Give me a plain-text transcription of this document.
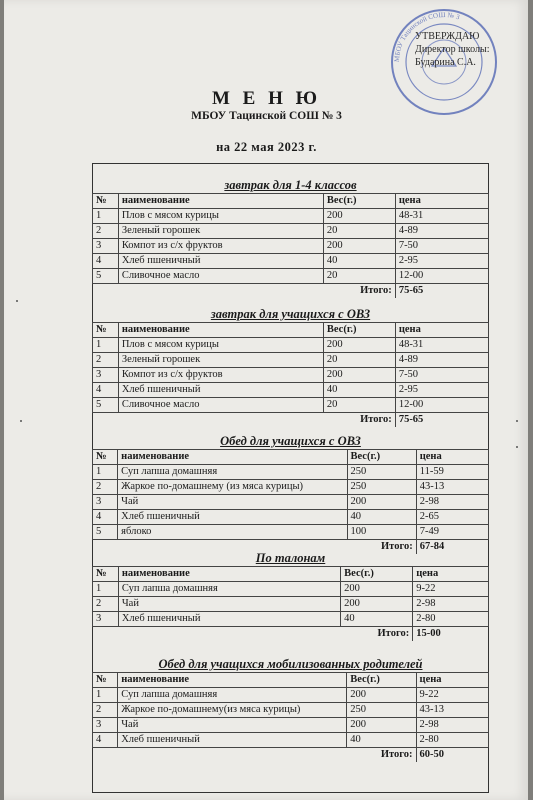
МБОУ Тацинской СОШ № 3
УТВЕРЖДАЮ
Директор школы:
Бударина С.А.
М Е Н Ю
МБОУ Тацинской СОШ № 3
на 22 мая 2023 г.
завтрак для 1-4 классов
№	наименование	Вес(г.)	цена
1	Плов с мясом курицы	200	48-31
2	Зеленый горошек	20	4-89
3	Компот из с/х фруктов	200	7-50
4	Хлеб пшеничный	40	2-95
5	Сливочное масло	20	12-00
Итого:			75-65
завтрак для учащихся с ОВЗ
№	наименование	Вес(г.)	цена
1	Плов с мясом курицы	200	48-31
2	Зеленый горошек	20	4-89
3	Компот из с/х фруктов	200	7-50
4	Хлеб пшеничный	40	2-95
5	Сливочное масло	20	12-00
Итого:			75-65
Обед для учащихся с ОВЗ
№	наименование	Вес(г.)	цена
1	Суп лапша домашняя	250	11-59
2	Жаркое по-домашнему (из мяса курицы)	250	43-13
3	Чай	200	2-98
4	Хлеб пшеничный	40	2-65
5	яблоко	100	7-49
Итого:			67-84
По талонам
№	наименование	Вес(г.)	цена
1	Суп лапша домашняя	200	9-22
2	Чай	200	2-98
3	Хлеб пшеничный	40	2-80
Итого:			15-00
Обед для учащихся мобилизованных родителей
№	наименование	Вес(г.)	цена
1	Суп лапша домашняя	200	9-22
2	Жаркое по-домашнему(из мяса курицы)	250	43-13
3	Чай	200	2-98
4	Хлеб пшеничный	40	2-80
Итого:			60-50
